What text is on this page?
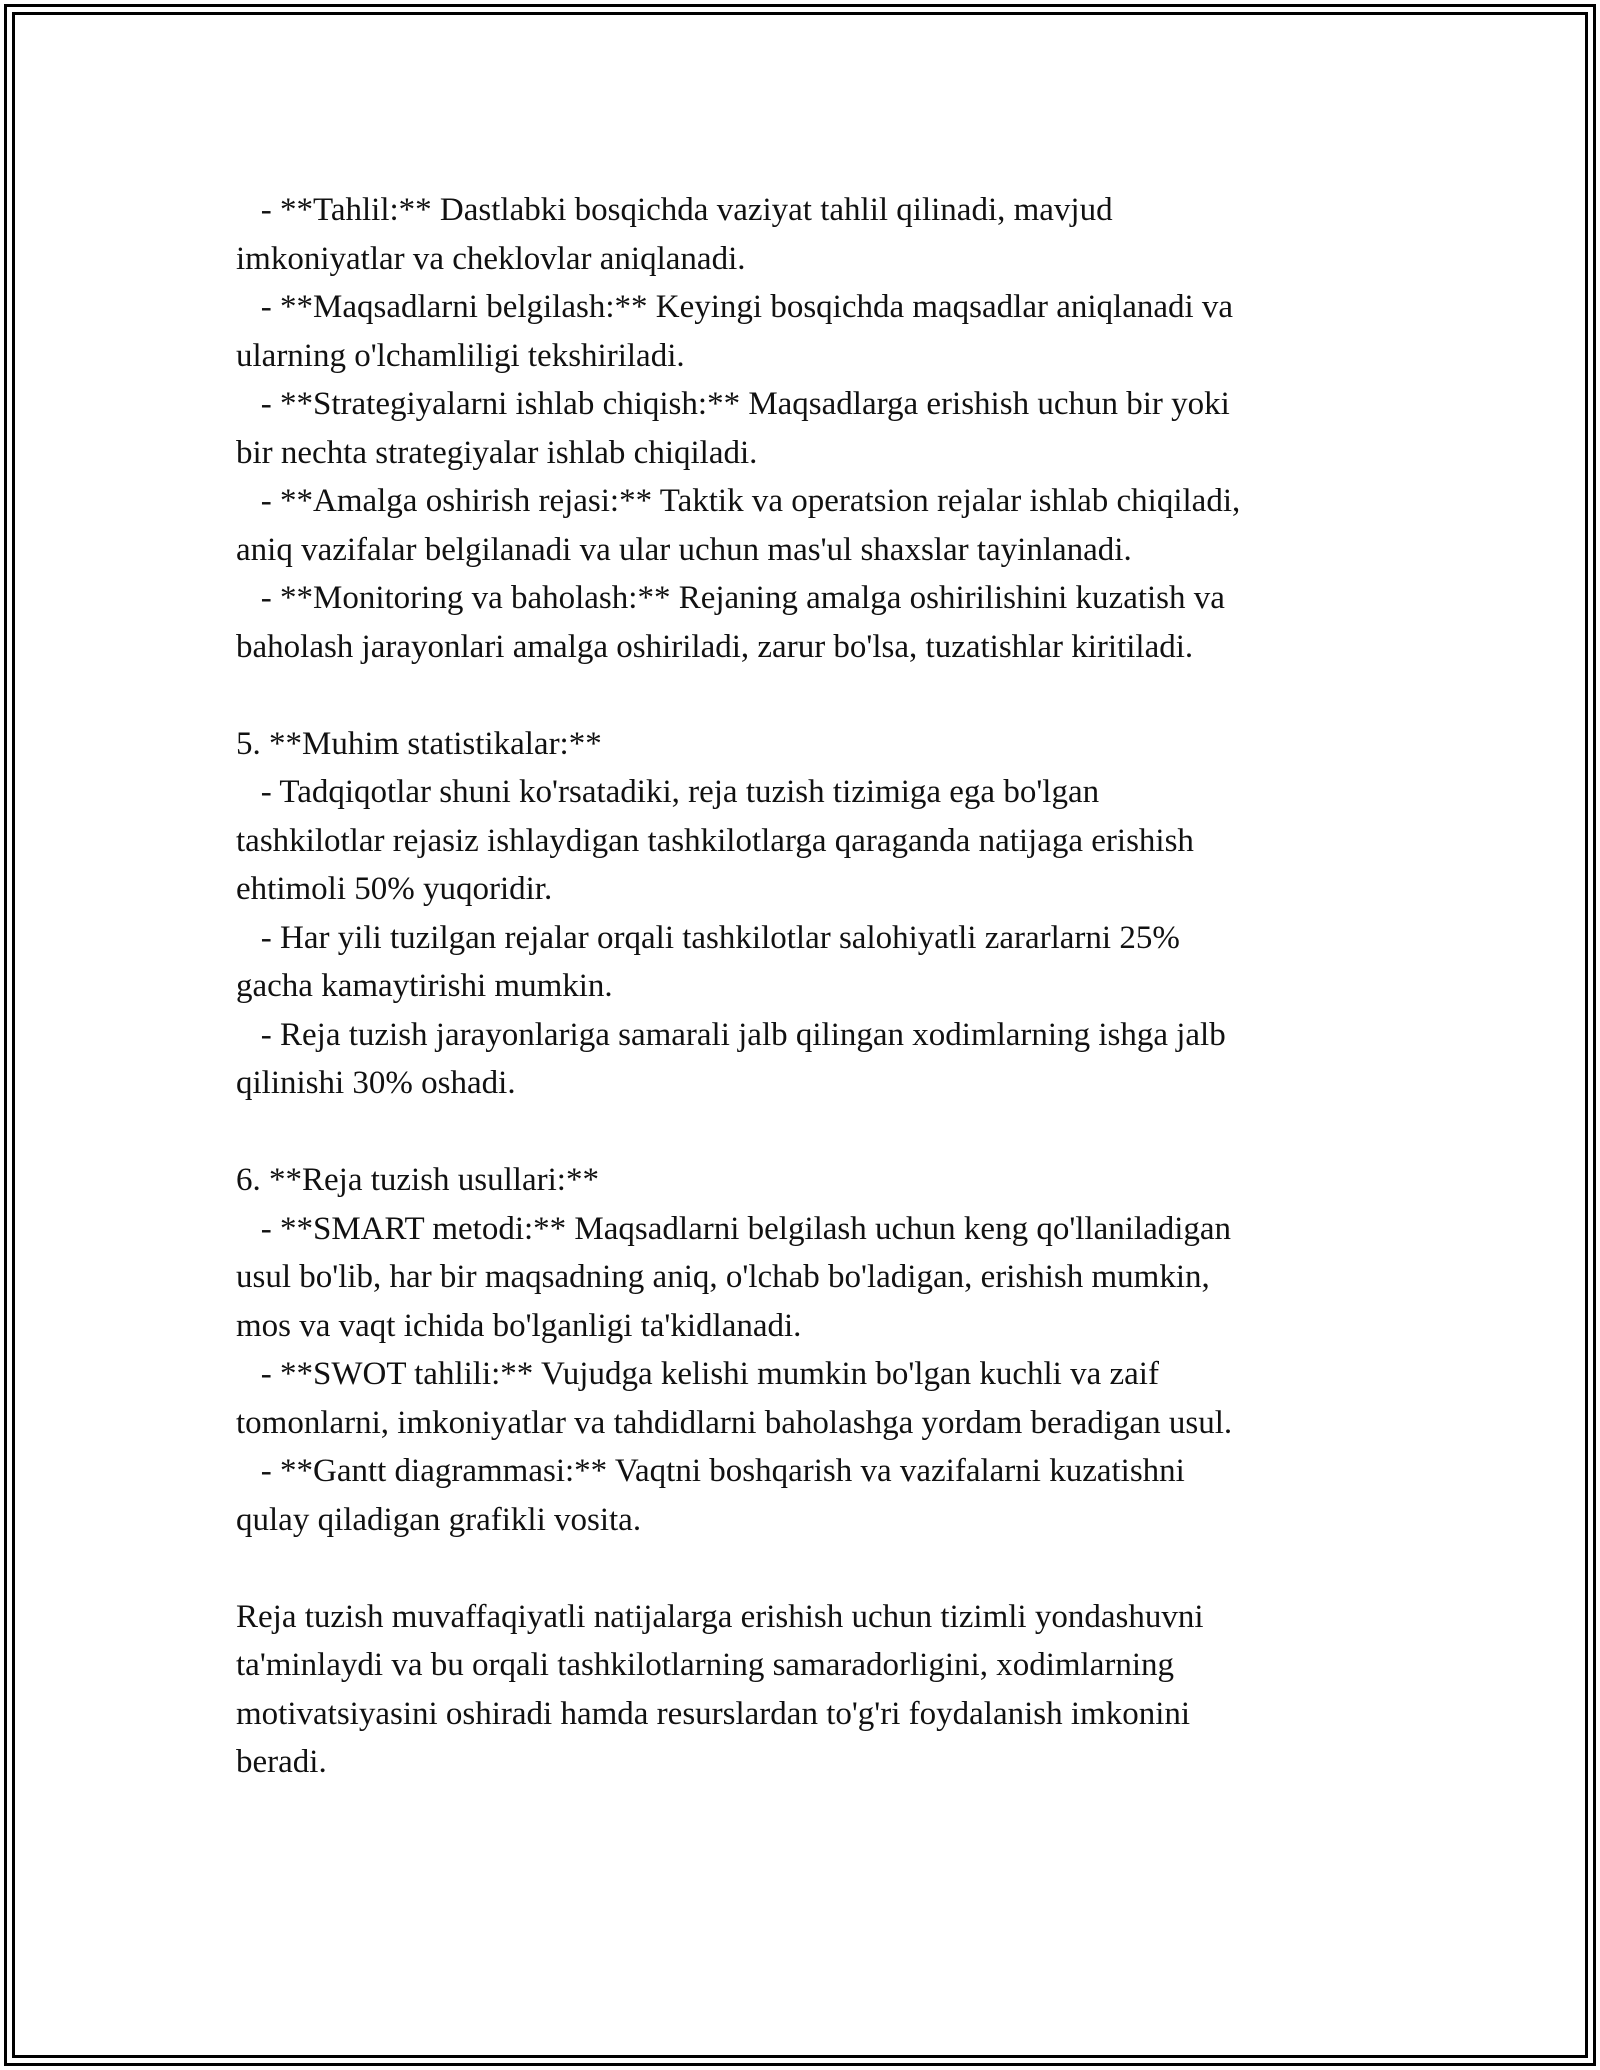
- **Tahlil:** Dastlabki bosqichda vaziyat tahlil qilinadi, mavjud
imkoniyatlar va cheklovlar aniqlanadi.
- **Maqsadlarni belgilash:** Keyingi bosqichda maqsadlar aniqlanadi va
ularning o'lchamliligi tekshiriladi.
- **Strategiyalarni ishlab chiqish:** Maqsadlarga erishish uchun bir yoki
bir nechta strategiyalar ishlab chiqiladi.
- **Amalga oshirish rejasi:** Taktik va operatsion rejalar ishlab chiqiladi,
aniq vazifalar belgilanadi va ular uchun mas'ul shaxslar tayinlanadi.
- **Monitoring va baholash:** Rejaning amalga oshirilishini kuzatish va
baholash jarayonlari amalga oshiriladi, zarur bo'lsa, tuzatishlar kiritiladi.
5. **Muhim statistikalar:**
- Tadqiqotlar shuni ko'rsatadiki, reja tuzish tizimiga ega bo'lgan
tashkilotlar rejasiz ishlaydigan tashkilotlarga qaraganda natijaga erishish
ehtimoli 50% yuqoridir.
- Har yili tuzilgan rejalar orqali tashkilotlar salohiyatli zararlarni 25%
gacha kamaytirishi mumkin.
- Reja tuzish jarayonlariga samarali jalb qilingan xodimlarning ishga jalb
qilinishi 30% oshadi.
6. **Reja tuzish usullari:**
- **SMART metodi:** Maqsadlarni belgilash uchun keng qo'llaniladigan
usul bo'lib, har bir maqsadning aniq, o'lchab bo'ladigan, erishish mumkin,
mos va vaqt ichida bo'lganligi ta'kidlanadi.
- **SWOT tahlili:** Vujudga kelishi mumkin bo'lgan kuchli va zaif
tomonlarni, imkoniyatlar va tahdidlarni baholashga yordam beradigan usul.
- **Gantt diagrammasi:** Vaqtni boshqarish va vazifalarni kuzatishni
qulay qiladigan grafikli vosita.
Reja tuzish muvaffaqiyatli natijalarga erishish uchun tizimli yondashuvni
ta'minlaydi va bu orqali tashkilotlarning samaradorligini, xodimlarning
motivatsiyasini oshiradi hamda resurslardan to'g'ri foydalanish imkonini
beradi.
